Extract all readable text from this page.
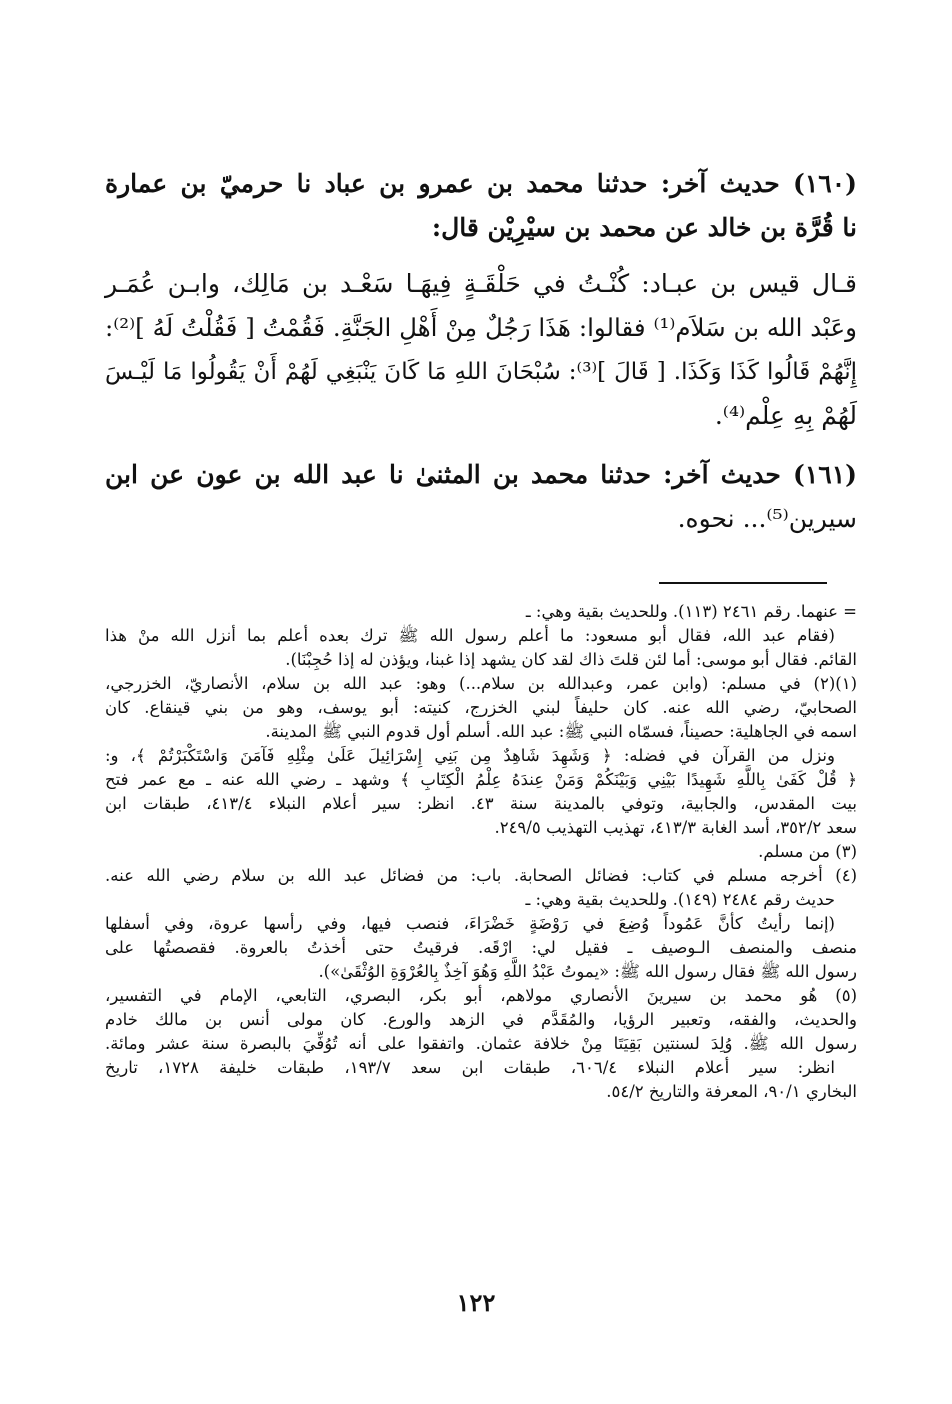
(١٦٠) حديث آخر: حدثنا محمد بن عمرو بن عباد نا حرميّ بن عمارة
نا قُرَّة بن خالد عن محمد بن سيْرِيْن قال:
قـال قيس بن عبـاد: كُنْـتُ في حَلْقَـةٍ فِيهَـا سَعْـد بن مَالِك، وابـن عُمَـر
وعَبْد الله بن سَلاَم⁽¹⁾ فقالوا: هَذَا رَجُلٌ مِنْ أَهْلِ الجَنَّةِ. فَقُمْتُ [ فَقُلْتُ لَهُ ]⁽²⁾:
إِنَّهُمْ قَالُوا كَذَا وَكَذَا. [ قَالَ ]⁽³⁾: سُبْحَانَ اللهِ مَا كَانَ يَنْبَغِي لَهُمْ أَنْ يَقُولُوا مَا لَيْـسَ
لَهُمْ بِهِ عِلْم⁽⁴⁾.
(١٦١) حديث آخر: حدثنا محمد بن المثنىٰ نا عبد الله بن عون عن ابن
سيرين⁽⁵⁾... نحوه.
= عنهما. رقم ٢٤٦١ (١١٣). وللحديث بقية وهي: ـ
(فقام عبد الله، فقال أبو مسعود: ما أعلم رسول الله ﷺ ترك بعده أعلم بما أنزل الله منْ هذا
القائم. فقال أبو موسى: أما لئن قلتَ ذاك لقد كان يشهد إذا غبنا، ويؤذن له إذا حُجِبْنَا).
(١)(٢) في مسلم: (وابن عمر، وعبدالله بن سلام...) وهو: عبد الله بن سلام، الأنصاريّ، الخزرجي،
الصحابيّ، رضي الله عنه. كان حليفاً لبني الخزرج، كنيته: أبو يوسف، وهو من بني قينقاع. كان
اسمه في الجاهلية: حصيناً، فسمّاه النبي ﷺ: عبد الله. أسلم أول قدوم النبي ﷺ المدينة.
ونزل من القرآن في فضله: ﴿ وَشَهِدَ شَاهِدٌ مِن بَنِي إِسْرَائِيلَ عَلَىٰ مِثْلِهِ فَآمَنَ وَاسْتَكْبَرْتُمْ ﴾، و:
﴿ قُلْ كَفَىٰ بِاللَّهِ شَهِيدًا بَيْنِي وَبَيْنَكُمْ وَمَنْ عِندَهُ عِلْمُ الْكِتَابِ ﴾ وشهد ـ رضي الله عنه ـ مع عمر فتح
بيت المقدس، والجابية، وتوفي بالمدينة سنة ٤٣. انظر: سير أعلام النبلاء ٤١٣/٤، طبقات ابن
سعد ٣٥٢/٢، أسد الغابة ٤١٣/٣، تهذيب التهذيب ٢٤٩/٥.
(٣) من مسلم.
(٤) أخرجه مسلم في كتاب: فضائل الصحابة. باب: من فضائل عبد الله بن سلام رضي الله عنه.
حديث رقم ٢٤٨٤ (١٤٩). وللحديث بقية وهي: ـ
(إنما رأيتُ كأنَّ عَمُوداً وُضِعَ في رَوْضَةٍ خَضْرَاءَ، فنصب فيها، وفي رأسها عروة، وفي أسفلها
منصف والمنصف الـوصيف ـ فقيل لي: ارْقَه. فرقيتُ حتى أخذتُ بالعروة. فقصصتُها على
رسول الله ﷺ فقال رسول الله ﷺ: «يموتُ عَبْدُ اللَّهِ وَهُوَ آخِذٌ بِالعُرْوَةِ الوُثْقَىٰ»).
(٥) هُو محمد بن سيرينَ الأنصاري مولاهم، أبو بكر، البصري، التابعي، الإمام في التفسير،
والحديث، والفقه، وتعبير الرؤيا، والمُقَدَّم في الزهد والورع. كان مولى أنس بن مالك خادم
رسول الله ﷺ. وُلِدَ لسنتين بَقِيَتَا مِنْ خلافة عثمان. واتفقوا على أنه تُوُفِّيَ بالبصرة سنة عشر ومائة.
انظر: سير أعلام النبلاء ٦٠٦/٤، طبقات ابن سعد ١٩٣/٧، طبقات خليفة ١٧٢٨، تاريخ
البخاري ٩٠/١، المعرفة والتاريخ ٥٤/٢.
١٢٢
